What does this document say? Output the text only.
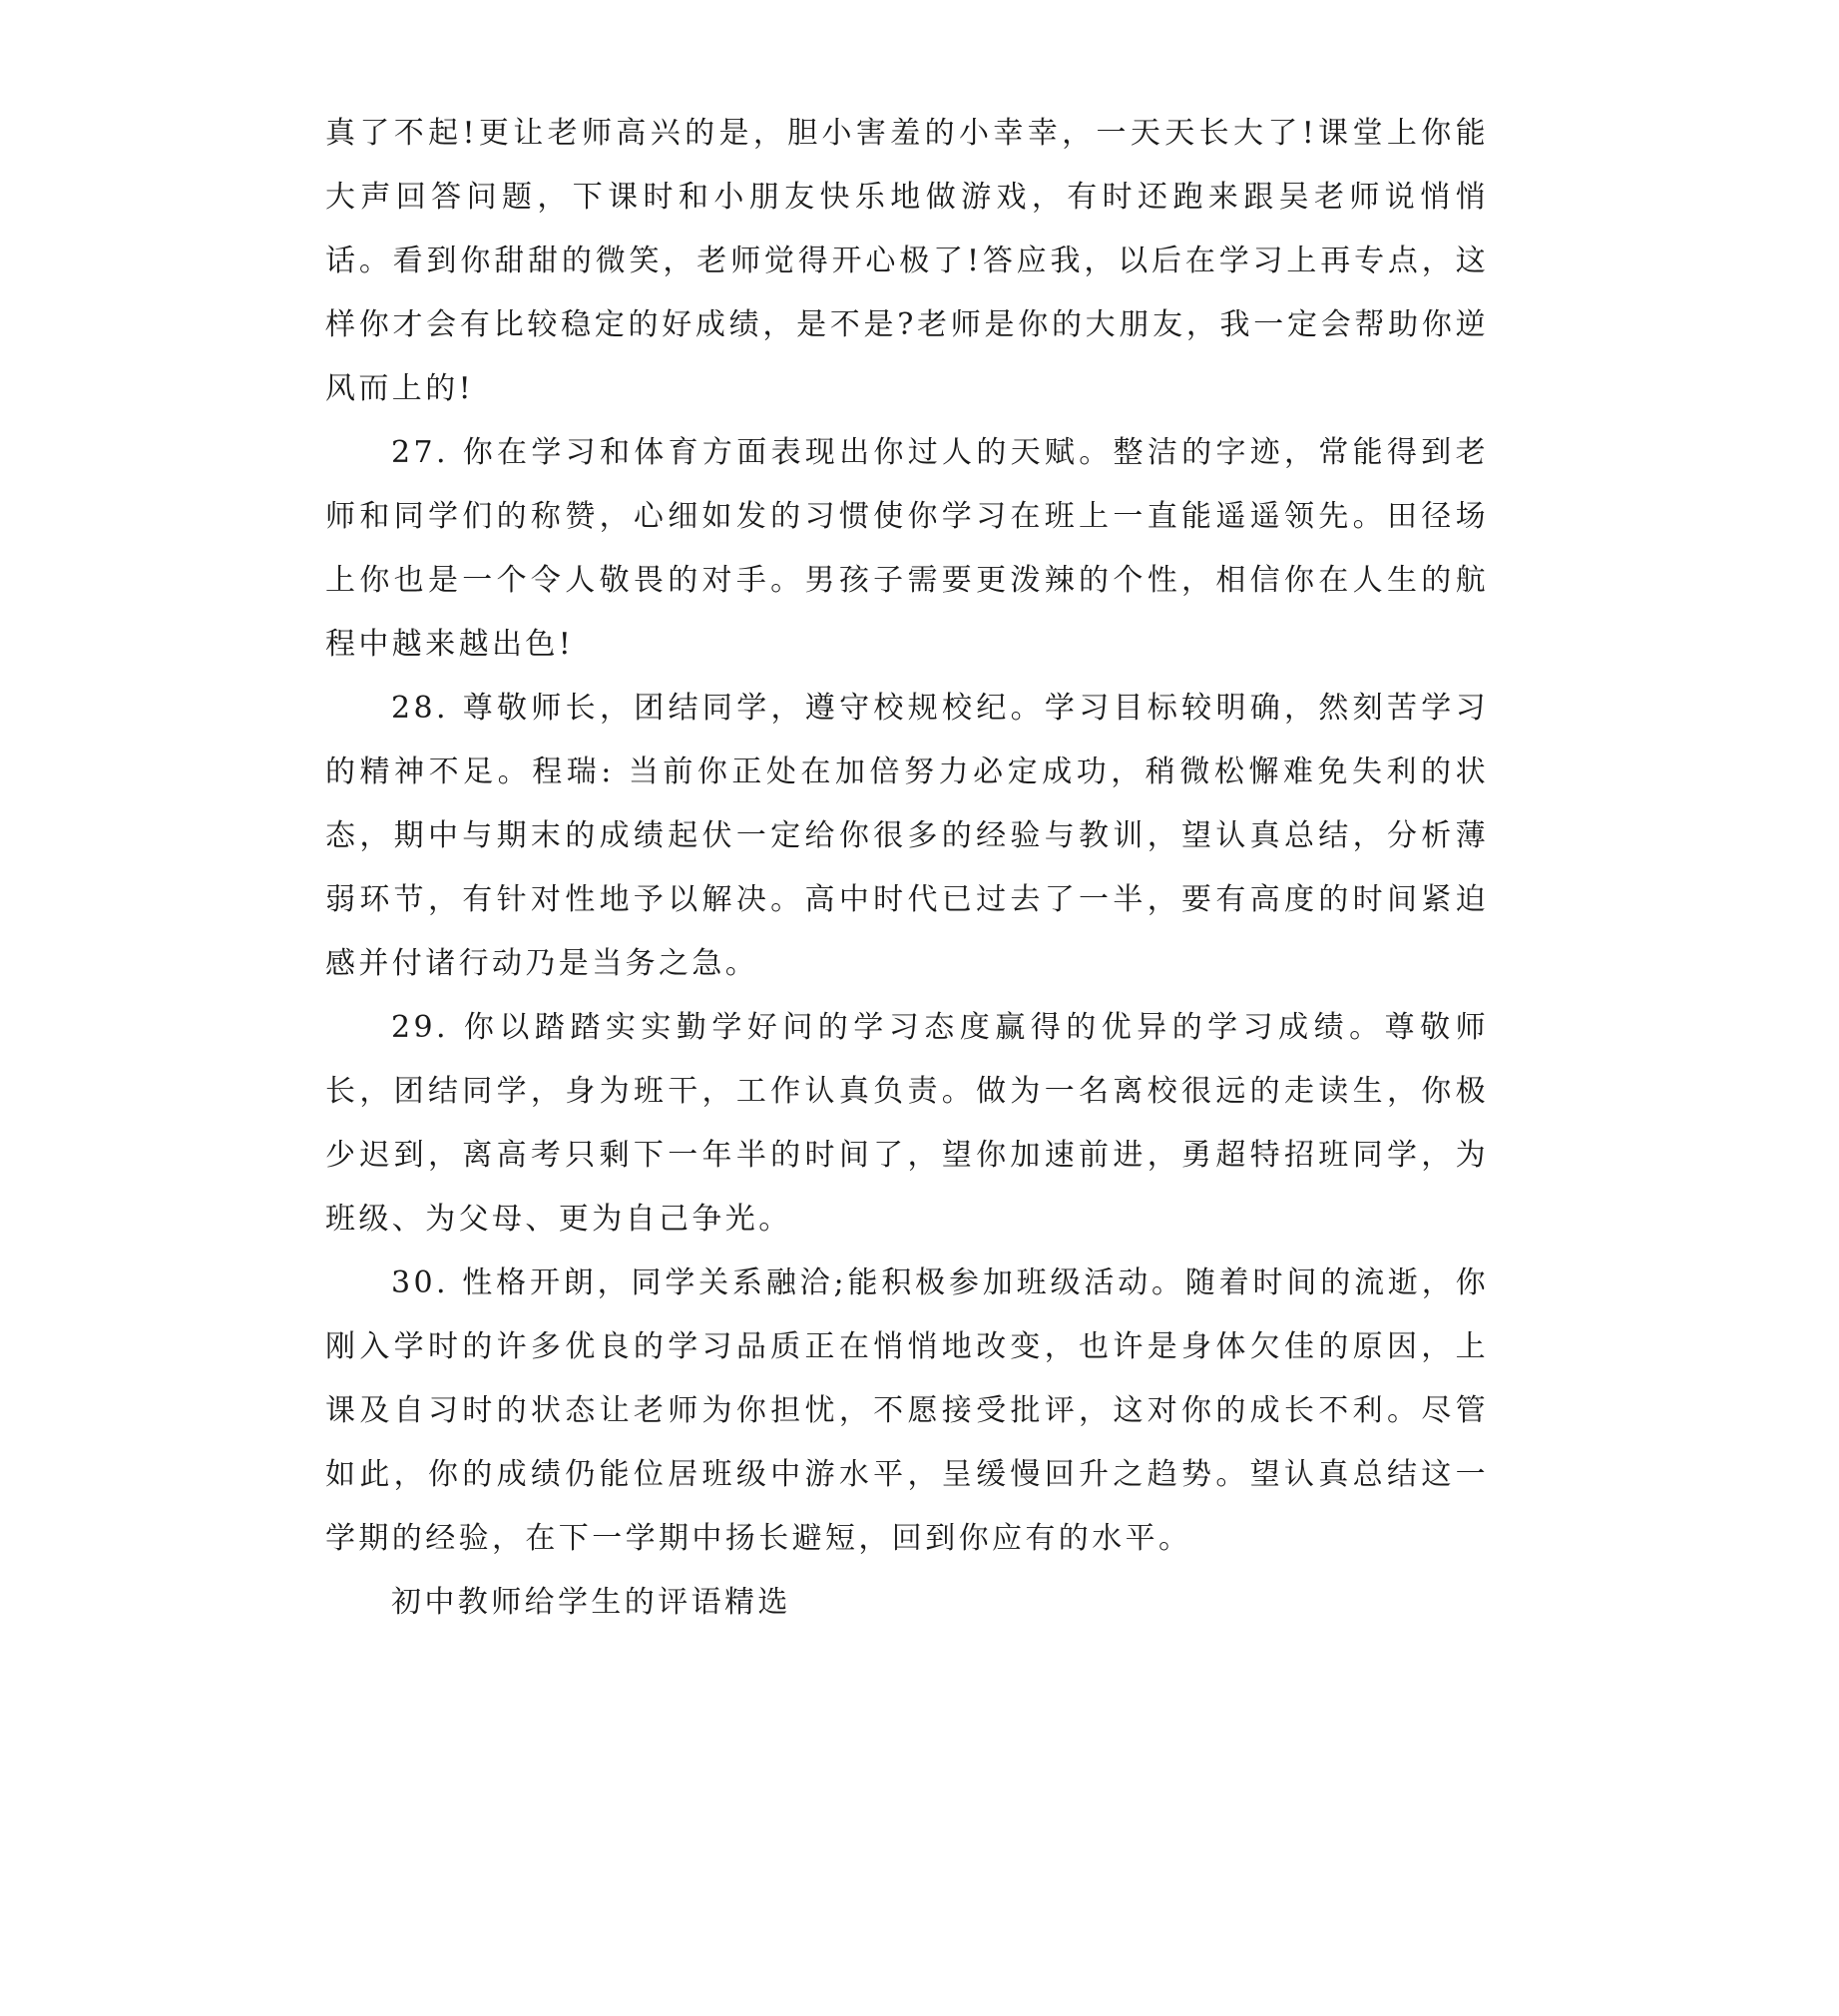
真了不起!更让老师高兴的是，胆小害羞的小幸幸，一天天长大了!课堂上你能大声回答问题，下课时和小朋友快乐地做游戏，有时还跑来跟吴老师说悄悄话。看到你甜甜的微笑，老师觉得开心极了!答应我，以后在学习上再专点，这样你才会有比较稳定的好成绩，是不是?老师是你的大朋友，我一定会帮助你逆风而上的!

27. 你在学习和体育方面表现出你过人的天赋。整洁的字迹，常能得到老师和同学们的称赞，心细如发的习惯使你学习在班上一直能遥遥领先。田径场上你也是一个令人敬畏的对手。男孩子需要更泼辣的个性，相信你在人生的航程中越来越出色!

28. 尊敬师长，团结同学，遵守校规校纪。学习目标较明确，然刻苦学习的精神不足。程瑞: 当前你正处在加倍努力必定成功，稍微松懈难免失利的状态，期中与期末的成绩起伏一定给你很多的经验与教训，望认真总结，分析薄弱环节，有针对性地予以解决。高中时代已过去了一半，要有高度的时间紧迫感并付诸行动乃是当务之急。

29. 你以踏踏实实勤学好问的学习态度赢得的优异的学习成绩。尊敬师长，团结同学，身为班干，工作认真负责。做为一名离校很远的走读生，你极少迟到，离高考只剩下一年半的时间了，望你加速前进，勇超特招班同学，为班级、为父母、更为自己争光。

30. 性格开朗，同学关系融洽;能积极参加班级活动。随着时间的流逝，你刚入学时的许多优良的学习品质正在悄悄地改变，也许是身体欠佳的原因，上课及自习时的状态让老师为你担忧，不愿接受批评，这对你的成长不利。尽管如此，你的成绩仍能位居班级中游水平，呈缓慢回升之趋势。望认真总结这一学期的经验，在下一学期中扬长避短，回到你应有的水平。

初中教师给学生的评语精选
